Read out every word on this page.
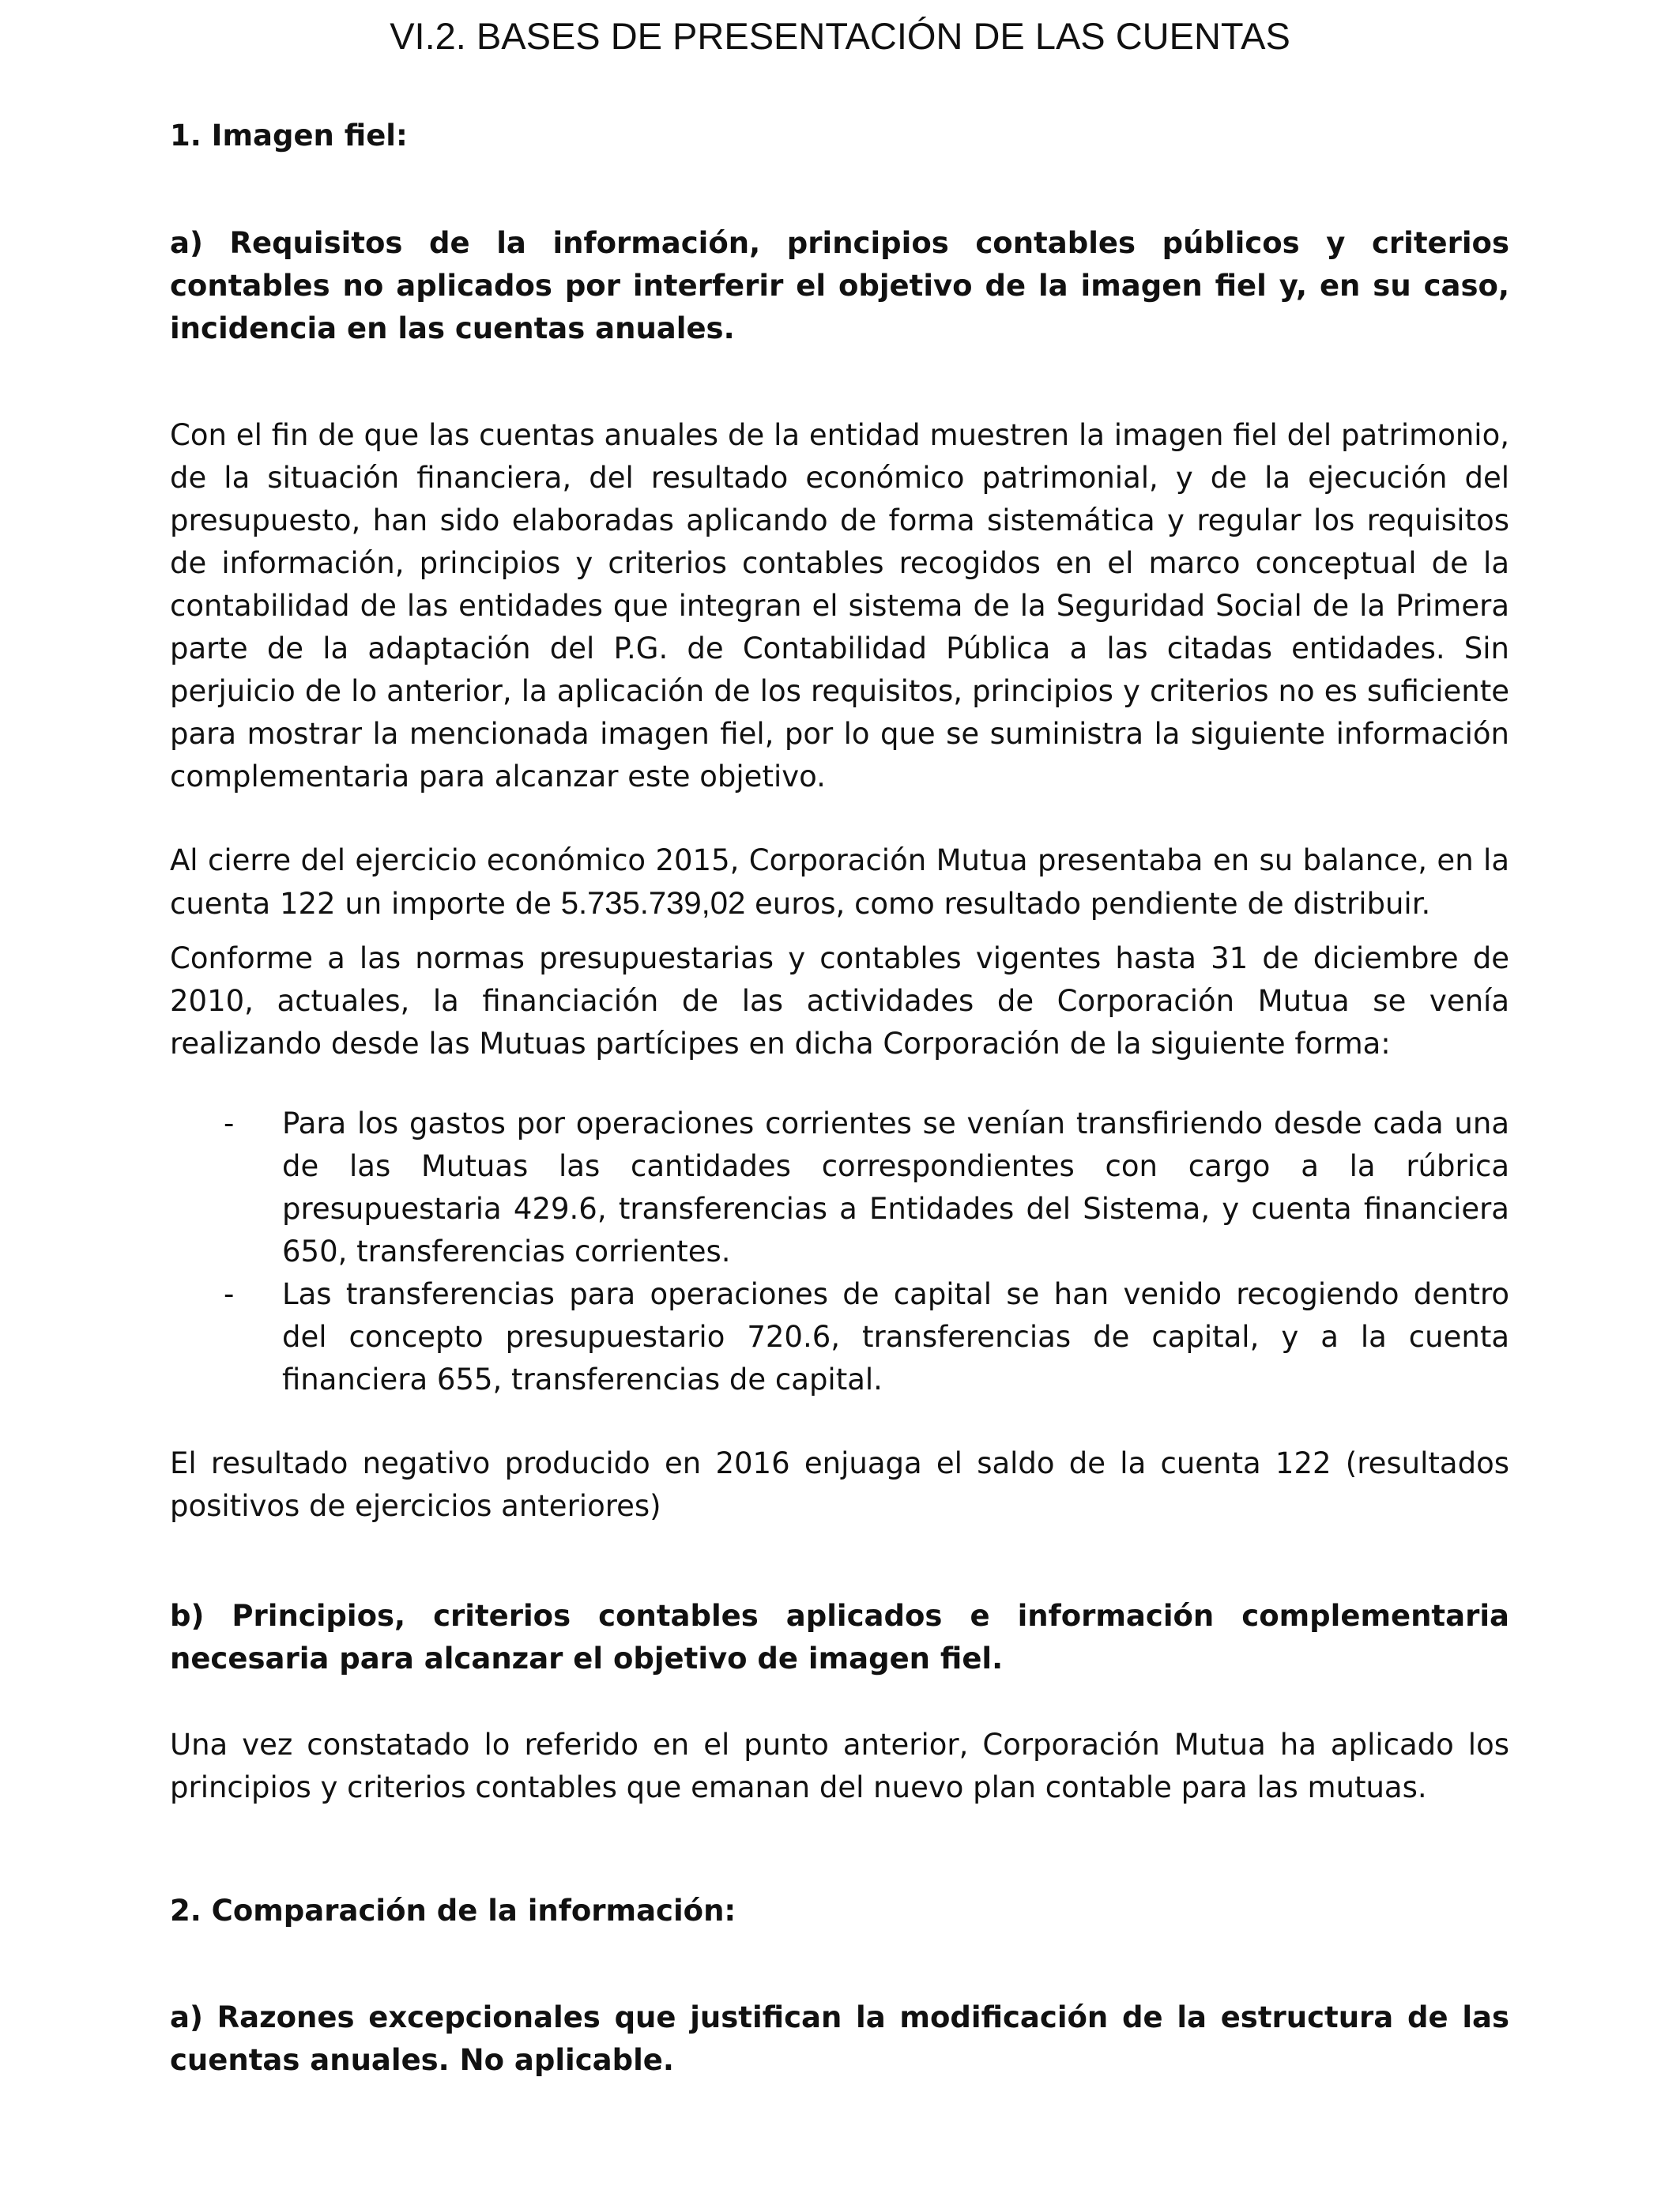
VI.2. BASES DE PRESENTACIÓN DE LAS CUENTAS
1. Imagen fiel:
a) Requisitos de la información, principios contables públicos y criterios contables no aplicados por interferir el objetivo de la imagen fiel y, en su caso, incidencia en las cuentas anuales.
Con el fin de que las cuentas anuales de la entidad muestren la imagen fiel del patrimonio, de la situación financiera, del resultado económico patrimonial, y de la ejecución del presupuesto, han sido elaboradas aplicando de forma sistemática y regular los requisitos de información, principios y criterios contables recogidos en el marco conceptual de la contabilidad de las entidades que integran el sistema de la Seguridad Social de la Primera parte de la adaptación del P.G. de Contabilidad Pública a las citadas entidades. Sin perjuicio de lo anterior, la aplicación de los requisitos, principios y criterios no es suficiente para mostrar la mencionada imagen fiel, por lo que se suministra la siguiente información complementaria para alcanzar este objetivo.
Al cierre del ejercicio económico 2015, Corporación Mutua presentaba en su balance, en la cuenta 122 un importe de 5.735.739,02 euros, como resultado pendiente de distribuir.
Conforme a las normas presupuestarias y contables vigentes hasta 31 de diciembre de 2010, actuales, la financiación de las actividades de Corporación Mutua se venía realizando desde las Mutuas partícipes en dicha Corporación de la siguiente forma:
- Para los gastos por operaciones corrientes se venían transfiriendo desde cada una de las Mutuas las cantidades correspondientes con cargo a la rúbrica presupuestaria 429.6, transferencias a Entidades del Sistema, y cuenta financiera 650, transferencias corrientes.
- Las transferencias para operaciones de capital se han venido recogiendo dentro del concepto presupuestario 720.6, transferencias de capital, y a la cuenta financiera 655, transferencias de capital.
El resultado negativo producido en 2016 enjuaga el saldo de la cuenta 122 (resultados positivos de ejercicios anteriores)
b) Principios, criterios contables aplicados e información complementaria necesaria para alcanzar el objetivo de imagen fiel.
Una vez constatado lo referido en el punto anterior, Corporación Mutua ha aplicado los principios y criterios contables que emanan del nuevo plan contable para las mutuas.
2. Comparación de la información:
a) Razones excepcionales que justifican la modificación de la estructura de las cuentas anuales. No aplicable.
